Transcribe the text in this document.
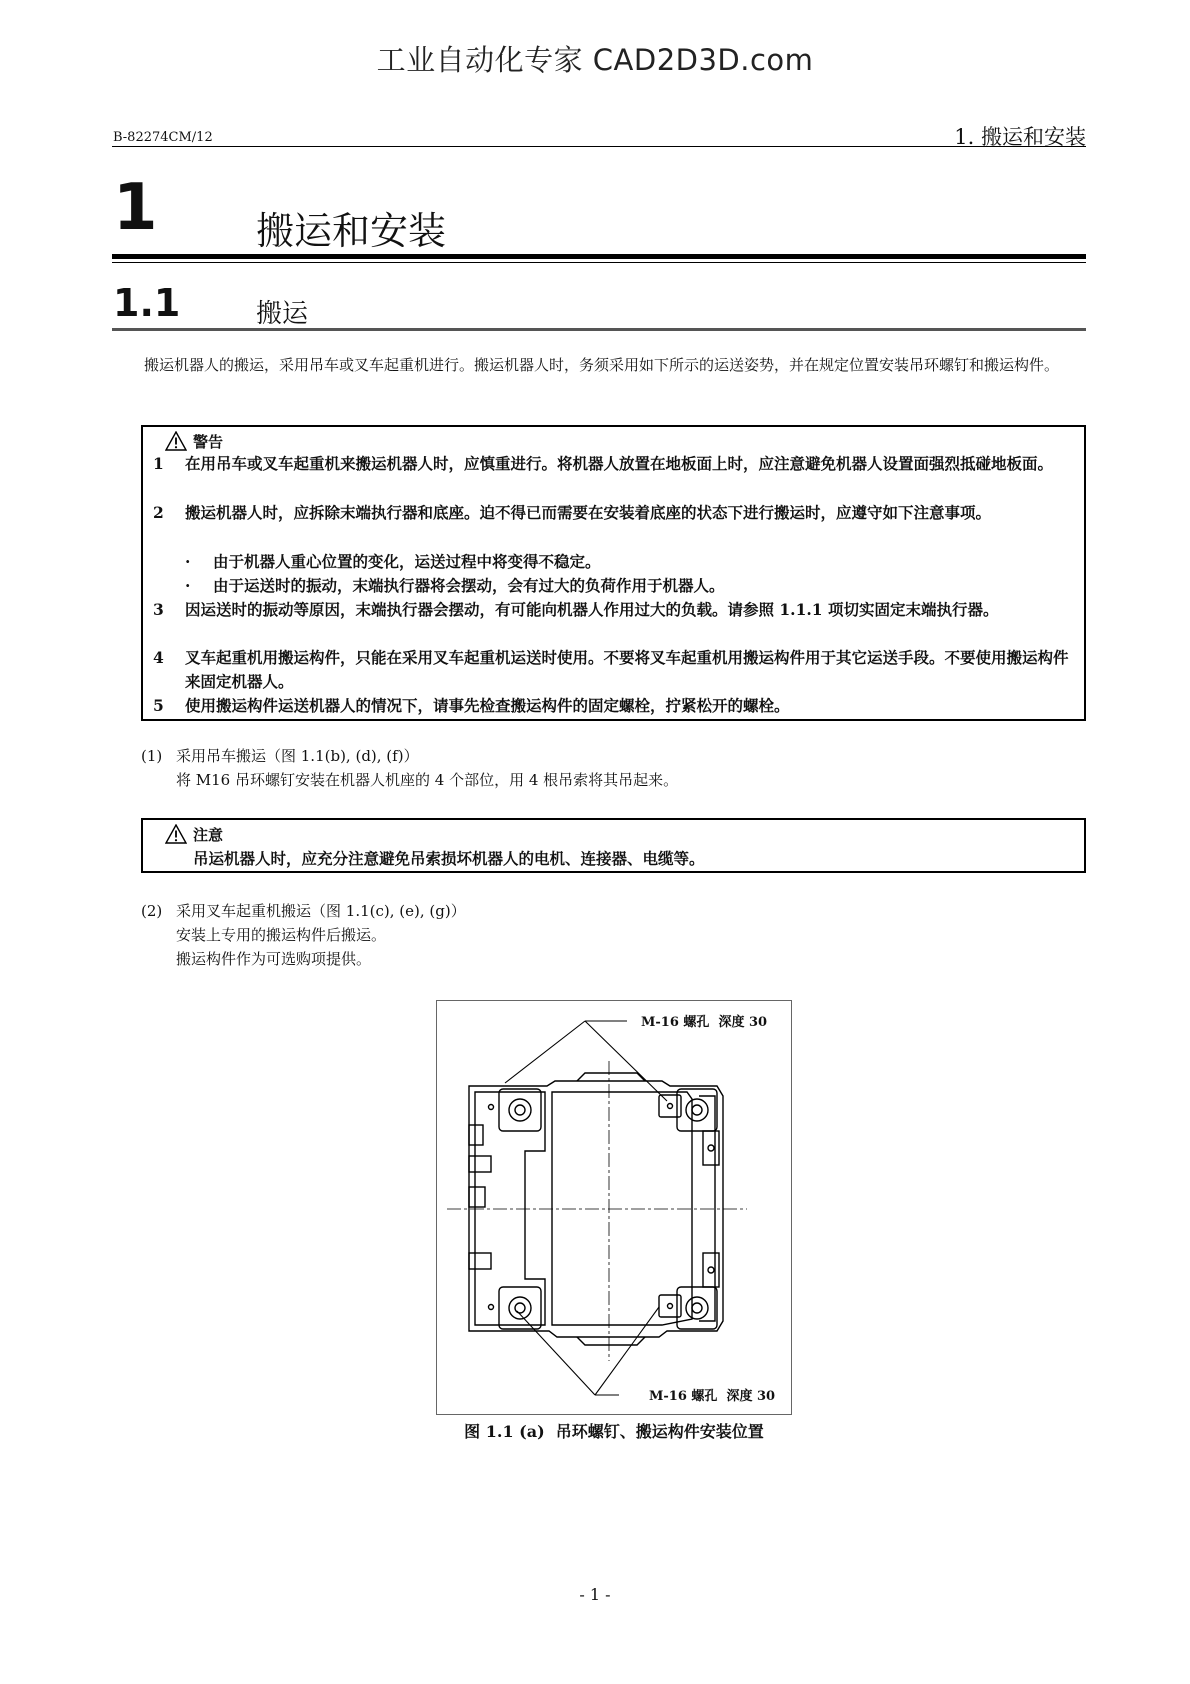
工业自动化专家 CAD2D3D.com
B-82274CM/12	1. 搬运和安装
1	搬运和安装
1.1	搬运
搬运机器人的搬运，采用吊车或叉车起重机进行。搬运机器人时，务须采用如下所示的运送姿势，并在规定位置安装吊环螺钉和搬运构件。
警告
1 在用吊车或叉车起重机来搬运机器人时，应慎重进行。将机器人放置在地板面上时，应注意避免机器人设置面强烈抵碰地板面。
2 搬运机器人时，应拆除末端执行器和底座。迫不得已而需要在安装着底座的状态下进行搬运时，应遵守如下注意事项。
· 由于机器人重心位置的变化，运送过程中将变得不稳定。
· 由于运送时的振动，末端执行器将会摆动，会有过大的负荷作用于机器人。
3 因运送时的振动等原因，末端执行器会摆动，有可能向机器人作用过大的负载。请参照 1.1.1 项切实固定末端执行器。
4 叉车起重机用搬运构件，只能在采用叉车起重机运送时使用。不要将叉车起重机用搬运构件用于其它运送手段。不要使用搬运构件来固定机器人。
5 使用搬运构件运送机器人的情况下，请事先检查搬运构件的固定螺栓，拧紧松开的螺栓。
(1) 采用吊车搬运（图 1.1(b), (d), (f)）
将 M16 吊环螺钉安装在机器人机座的 4 个部位，用 4 根吊索将其吊起来。
注意
吊运机器人时，应充分注意避免吊索损坏机器人的电机、连接器、电缆等。
(2) 采用叉车起重机搬运（图 1.1(c), (e), (g)）
安装上专用的搬运构件后搬运。
搬运构件作为可选购项提供。
M-16 螺孔  深度 30
M-16 螺孔  深度 30
图 1.1 (a)  吊环螺钉、搬运构件安装位置
- 1 -
